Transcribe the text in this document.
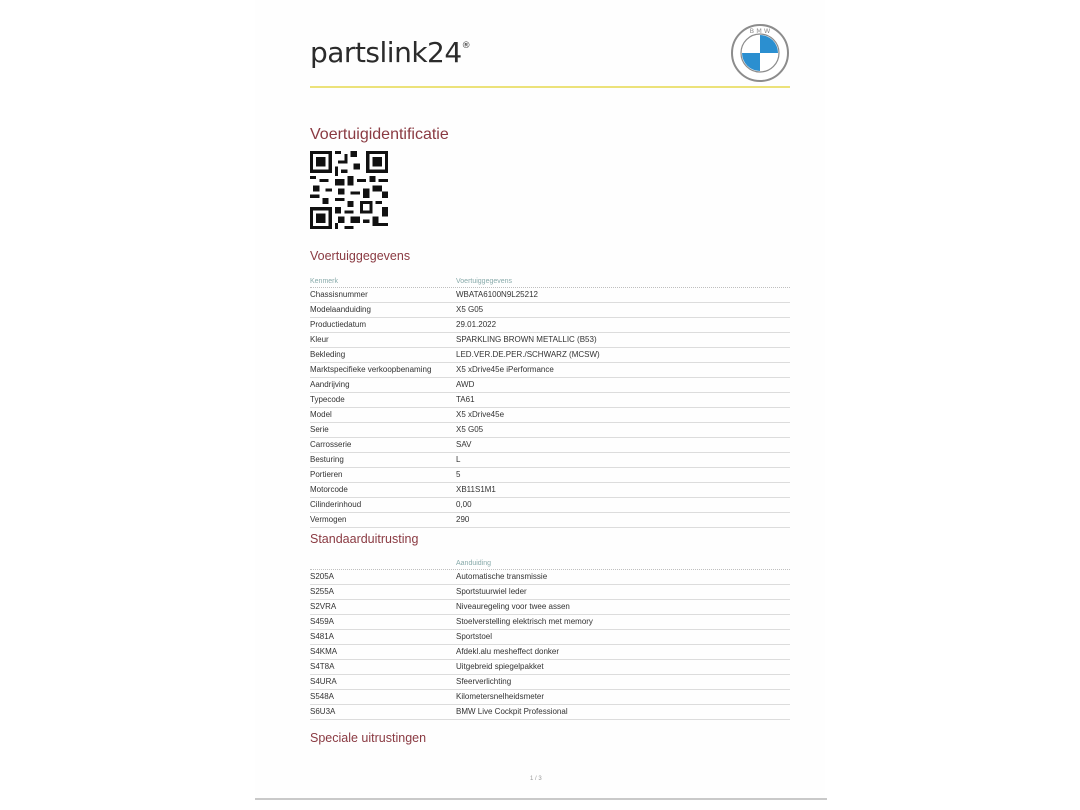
partslink24®
B M W
Voertuigidentificatie
Voertuiggegevens
Kenmerk	Voertuiggegevens
Chassisnummer	WBATA6100N9L25212
Modelaanduiding	X5 G05
Productiedatum	29.01.2022
Kleur	SPARKLING BROWN METALLIC (B53)
Bekleding	LED.VER.DE.PER./SCHWARZ (MCSW)
Marktspecifieke verkoopbenaming	X5 xDrive45e iPerformance
Aandrijving	AWD
Typecode	TA61
Model	X5 xDrive45e
Serie	X5 G05
Carrosserie	SAV
Besturing	L
Portieren	5
Motorcode	XB11S1M1
Cilinderinhoud	0,00
Vermogen	290
Standaarduitrusting
Aanduiding
S205A	Automatische transmissie
S255A	Sportstuurwiel leder
S2VRA	Niveauregeling voor twee assen
S459A	Stoelverstelling elektrisch met memory
S481A	Sportstoel
S4KMA	Afdekl.alu mesheffect donker
S4T8A	Uitgebreid spiegelpakket
S4URA	Sfeerverlichting
S548A	Kilometersnelheidsmeter
S6U3A	BMW Live Cockpit Professional
Speciale uitrustingen
1 / 3
